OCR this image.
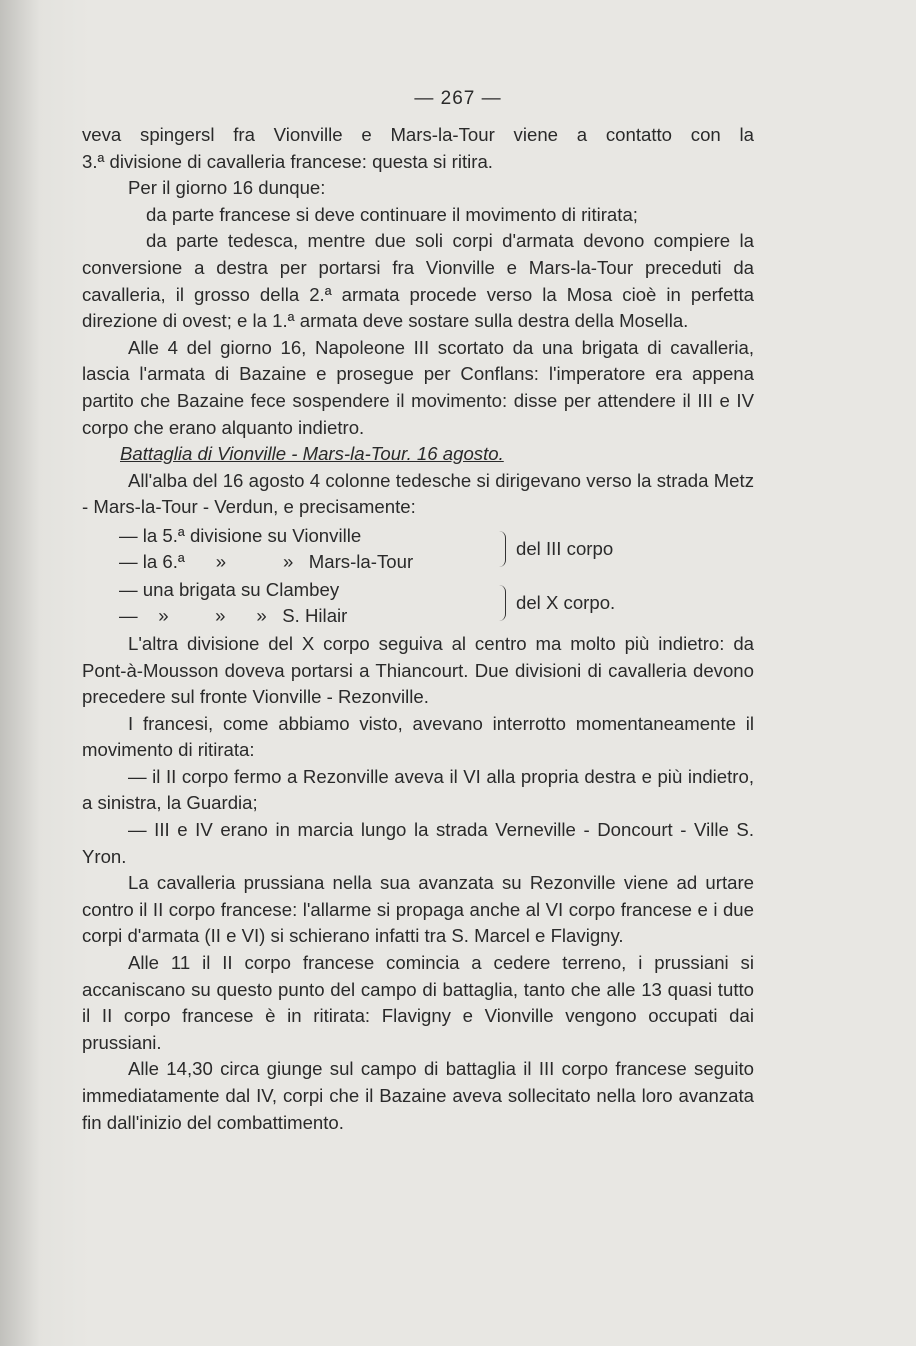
— 267 —

veva spingersl fra Vionville e Mars-la-Tour viene a contatto con la

3.ª divisione di cavalleria francese: questa si ritira.

Per il giorno 16 dunque:

da parte francese si deve continuare il movimento di ritirata;

da parte tedesca, mentre due soli corpi d'armata devono compiere la conversione a destra per portarsi fra Vionville e Mars-la-Tour preceduti da cavalleria, il grosso della 2.ª armata procede verso la Mosa cioè in perfetta direzione di ovest; e la 1.ª armata deve sostare sulla destra della Mosella.

Alle 4 del giorno 16, Napoleone III scortato da una brigata di cavalleria, lascia l'armata di Bazaine e prosegue per Conflans: l'imperatore era appena partito che Bazaine fece sospendere il movimento: disse per attendere il III e IV corpo che erano alquanto indietro.

Battaglia di Vionville - Mars-la-Tour. 16 agosto.

All'alba del 16 agosto 4 colonne tedesche si dirigevano verso la strada Metz - Mars-la-Tour - Verdun, e precisamente:

— la 5.ª divisione su Vionville
— la 6.ª      »           »   Mars-la-Tour
del III corpo
— una brigata su Clambey
—    »         »      »   S. Hilair
del X corpo.

L'altra divisione del X corpo seguiva al centro ma molto più indietro: da Pont-à-Mousson doveva portarsi a Thiancourt. Due divisioni di cavalleria devono precedere sul fronte Vionville - Rezonville.

I francesi, come abbiamo visto, avevano interrotto momentaneamente il movimento di ritirata:

— il II corpo fermo a Rezonville aveva il VI alla propria destra e più indietro, a sinistra, la Guardia;

— III e IV erano in marcia lungo la strada Verneville - Doncourt - Ville S. Yron.

La cavalleria prussiana nella sua avanzata su Rezonville viene ad urtare contro il II corpo francese: l'allarme si propaga anche al VI corpo francese e i due corpi d'armata (II e VI) si schierano infatti tra S. Marcel e Flavigny.

Alle 11 il II corpo francese comincia a cedere terreno, i prussiani si accaniscano su questo punto del campo di battaglia, tanto che alle 13 quasi tutto il II corpo francese è in ritirata: Flavigny e Vionville vengono occupati dai prussiani.

Alle 14,30 circa giunge sul campo di battaglia il III corpo francese seguito immediatamente dal IV, corpi che il Bazaine aveva sollecitato nella loro avanzata fin dall'inizio del combattimento.
